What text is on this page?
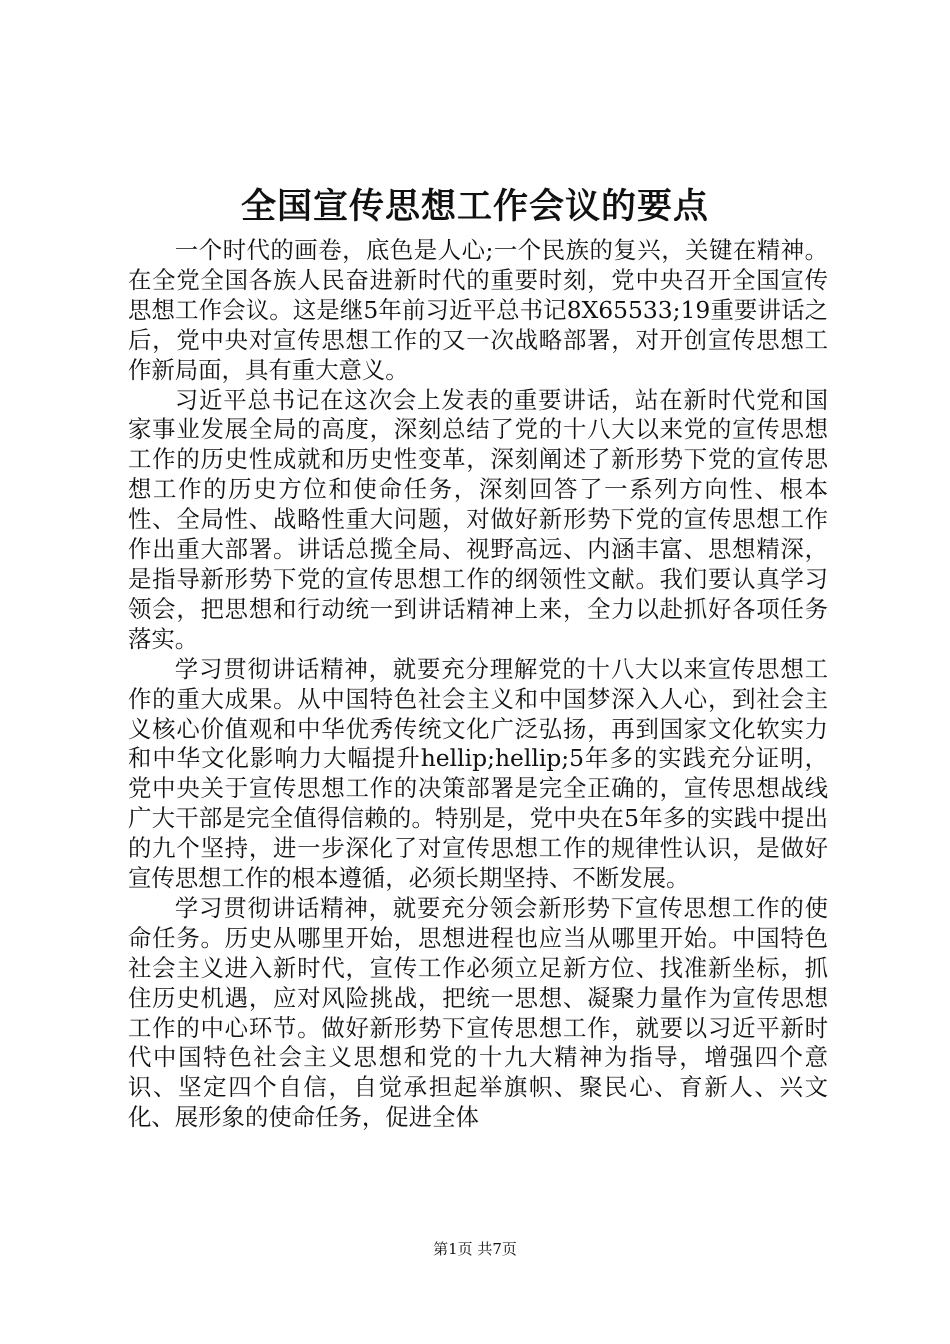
全国宣传思想工作会议的要点

一个时代的画卷，底色是人心;一个民族的复兴，关键在精神。在全党全国各族人民奋进新时代的重要时刻，党中央召开全国宣传思想工作会议。这是继5年前习近平总书记8X65533;19重要讲话之后，党中央对宣传思想工作的又一次战略部署，对开创宣传思想工作新局面，具有重大意义。

习近平总书记在这次会上发表的重要讲话，站在新时代党和国家事业发展全局的高度，深刻总结了党的十八大以来党的宣传思想工作的历史性成就和历史性变革，深刻阐述了新形势下党的宣传思想工作的历史方位和使命任务，深刻回答了一系列方向性、根本性、全局性、战略性重大问题，对做好新形势下党的宣传思想工作作出重大部署。讲话总揽全局、视野高远、内涵丰富、思想精深，是指导新形势下党的宣传思想工作的纲领性文献。我们要认真学习领会，把思想和行动统一到讲话精神上来，全力以赴抓好各项任务落实。

学习贯彻讲话精神，就要充分理解党的十八大以来宣传思想工作的重大成果。从中国特色社会主义和中国梦深入人心，到社会主义核心价值观和中华优秀传统文化广泛弘扬，再到国家文化软实力和中华文化影响力大幅提升hellip;hellip;5年多的实践充分证明，党中央关于宣传思想工作的决策部署是完全正确的，宣传思想战线广大干部是完全值得信赖的。特别是，党中央在5年多的实践中提出的九个坚持，进一步深化了对宣传思想工作的规律性认识，是做好宣传思想工作的根本遵循，必须长期坚持、不断发展。

学习贯彻讲话精神，就要充分领会新形势下宣传思想工作的使命任务。历史从哪里开始，思想进程也应当从哪里开始。中国特色社会主义进入新时代，宣传工作必须立足新方位、找准新坐标，抓住历史机遇，应对风险挑战，把统一思想、凝聚力量作为宣传思想工作的中心环节。做好新形势下宣传思想工作，就要以习近平新时代中国特色社会主义思想和党的十九大精神为指导，增强四个意识、坚定四个自信，自觉承担起举旗帜、聚民心、育新人、兴文化、展形象的使命任务，促进全体

第1页 共7页
